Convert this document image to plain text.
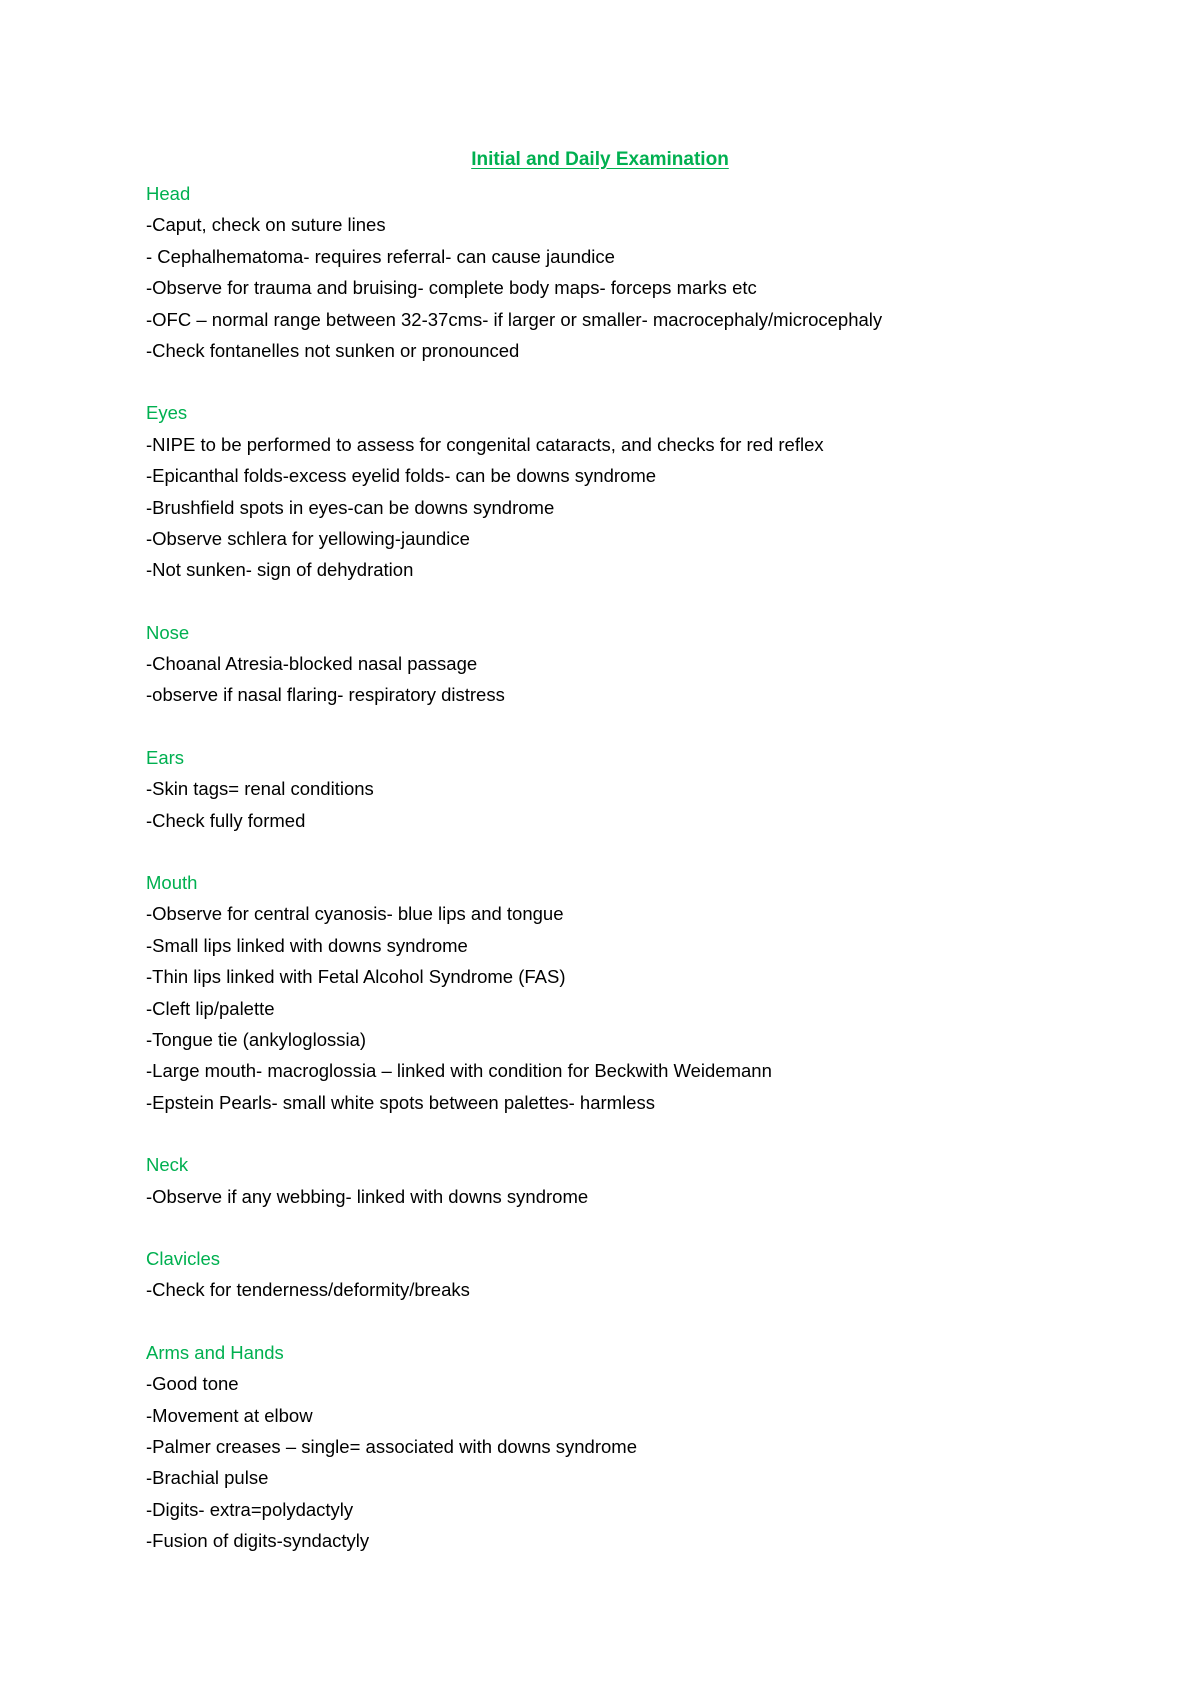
Initial and Daily Examination
Head
-Caput, check on suture lines
- Cephalhematoma- requires referral- can cause jaundice
-Observe for trauma and bruising- complete body maps- forceps marks etc
-OFC – normal range between 32-37cms- if larger or smaller- macrocephaly/microcephaly
-Check fontanelles not sunken or pronounced
Eyes
-NIPE to be performed to assess for congenital cataracts, and checks for red reflex
-Epicanthal folds-excess eyelid folds- can be downs syndrome
-Brushfield spots in eyes-can be downs syndrome
-Observe schlera for yellowing-jaundice
-Not sunken- sign of dehydration
Nose
-Choanal Atresia-blocked nasal passage
-observe if nasal flaring- respiratory distress
Ears
-Skin tags= renal conditions
-Check fully formed
Mouth
-Observe for central cyanosis- blue lips and tongue
-Small lips linked with downs syndrome
-Thin lips linked with Fetal Alcohol Syndrome (FAS)
-Cleft lip/palette
-Tongue tie (ankyloglossia)
-Large mouth- macroglossia – linked with condition for Beckwith Weidemann
-Epstein Pearls- small white spots between palettes- harmless
Neck
-Observe if any webbing- linked with downs syndrome
Clavicles
-Check for tenderness/deformity/breaks
Arms and Hands
-Good tone
-Movement at elbow
-Palmer creases – single= associated with downs syndrome
-Brachial pulse
-Digits- extra=polydactyly
-Fusion of digits-syndactyly
